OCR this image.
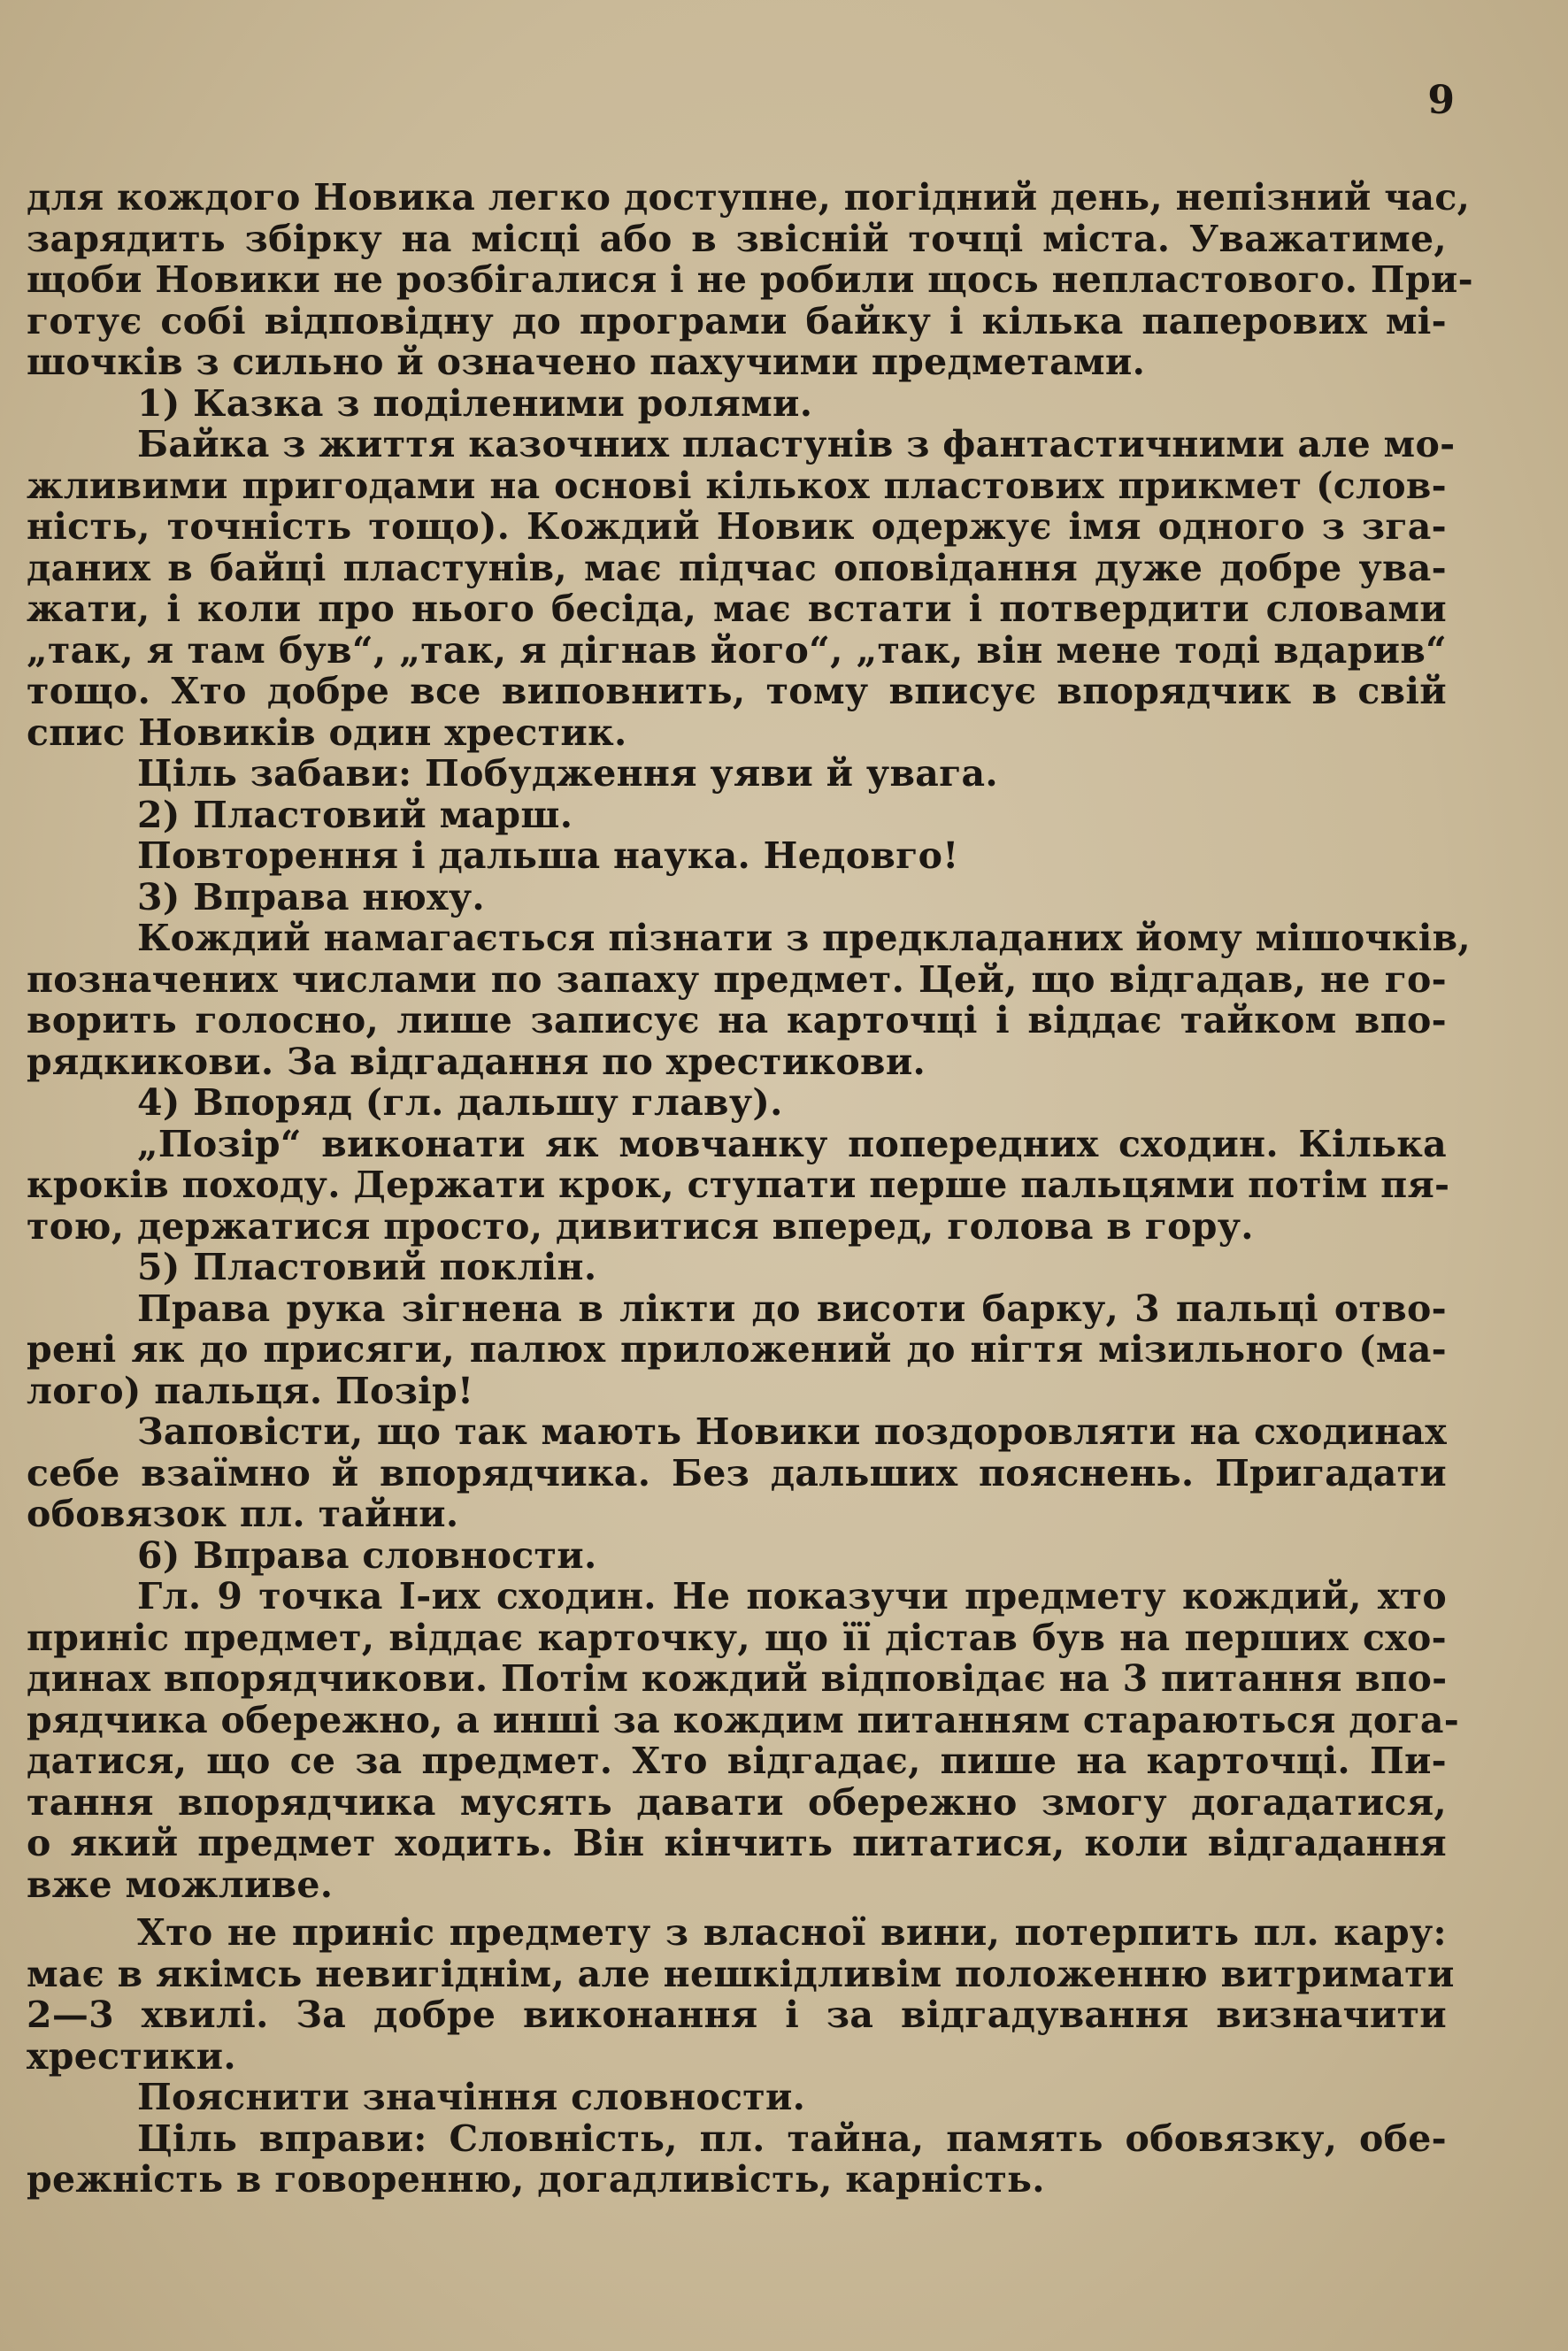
9
для кождого Новика легко доступне, погідний день, непізний час,
зарядить збірку на місці або в звісній точці міста. Уважатиме,
щоби Новики не розбігалися і не робили щось непластового. При-
готує собі відповідну до програми байку і кілька паперових мі-
шочків з сильно й означено пахучими предметами.
1) Казка з поділеними ролями.
Байка з життя казочних пластунів з фантастичними але мо-
жливими пригодами на основі кількох пластових прикмет (слов-
ність, точність тощо). Кождий Новик одержує імя одного з зга-
даних в байці пластунів, має підчас оповідання дуже добре ува-
жати, і коли про нього бесіда, має встати і потвердити словами
„так, я там був“, „так, я дігнав його“, „так, він мене тоді вдарив“
тощо. Хто добре все виповнить, тому вписує впорядчик в свій
спис Новиків один хрестик.
Ціль забави: Побудження уяви й увага.
2) Пластовий марш.
Повторення і дальша наука. Недовго!
3) Вправа нюху.
Кождий намагається пізнати з предкладаних йому мішочків,
позначених числами по запаху предмет. Цей, що відгадав, не го-
ворить голосно, лише записує на карточці і віддає тайком впо-
рядкикови. За відгадання по хрестикови.
4) Впоряд (гл. дальшу главу).
„Позір“ виконати як мовчанку попередних сходин. Кілька
кроків походу. Держати крок, ступати перше пальцями потім пя-
тою, держатися просто, дивитися вперед, голова в гору.
5) Пластовий поклін.
Права рука зігнена в лікти до висоти барку, 3 пальці отво-
рені як до присяги, палюх приложений до нігтя мізильного (ма-
лого) пальця. Позір!
Заповісти, що так мають Новики поздоровляти на сходинах
себе взаїмно й впорядчика. Без дальших пояснень. Пригадати
обовязок пл. тайни.
6) Вправа словности.
Гл. 9 точка I-их сходин. Не показучи предмету кождий, хто
приніс предмет, віддає карточку, що її дістав був на перших схо-
динах впорядчикови. Потім кождий відповідає на 3 питання впо-
рядчика обережно, а инші за кождим питанням стараються дога-
датися, що се за предмет. Хто відгадає, пише на карточці. Пи-
тання впорядчика мусять давати обережно змогу догадатися,
о який предмет ходить. Він кінчить питатися, коли відгадання
вже можливе.
Хто не приніс предмету з власної вини, потерпить пл. кару:
має в якімсь невигіднім, але нешкідливім положенню витримати
2—3 хвилі. За добре виконання і за відгадування визначити
хрестики.
Пояснити значіння словности.
Ціль вправи: Словність, пл. тайна, память обовязку, обе-
режність в говоренню, догадливість, карність.
